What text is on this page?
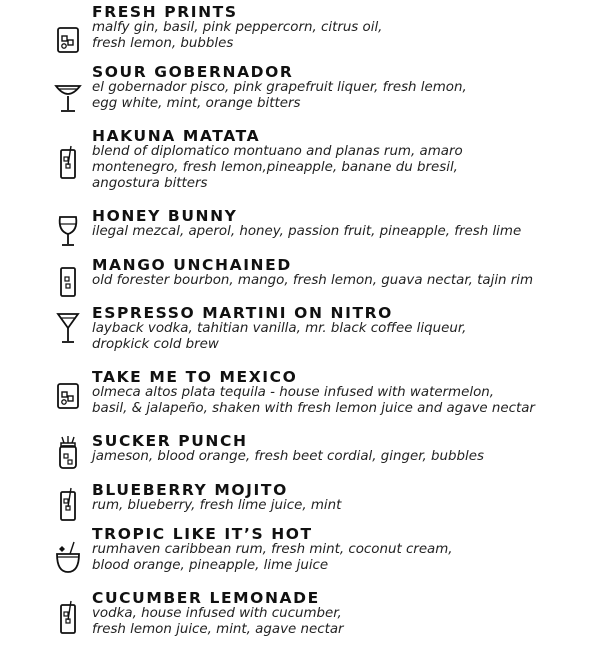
FRESH PRINTS
malfy gin, basil, pink peppercorn, citrus oil,
fresh lemon, bubbles
SOUR GOBERNADOR
el gobernador pisco, pink grapefruit liquer, fresh lemon,
egg white, mint, orange bitters
HAKUNA MATATA
blend of diplomatico montuano and planas rum, amaro
montenegro, fresh lemon,pineapple, banane du bresil,
angostura bitters
HONEY BUNNY
ilegal mezcal, aperol, honey, passion fruit, pineapple, fresh lime
MANGO UNCHAINED
old forester bourbon, mango, fresh lemon, guava nectar, tajin rim
ESPRESSO MARTINI ON NITRO
layback vodka, tahitian vanilla, mr. black coffee liqueur,
dropkick cold brew
TAKE ME TO MEXICO
olmeca altos plata tequila - house infused with watermelon,
basil, & jalapeño, shaken with fresh lemon juice and agave nectar
SUCKER PUNCH
jameson, blood orange, fresh beet cordial, ginger, bubbles
BLUEBERRY MOJITO
rum, blueberry, fresh lime juice, mint
TROPIC LIKE IT’S HOT
rumhaven caribbean rum, fresh mint, coconut cream,
blood orange, pineapple, lime juice
CUCUMBER LEMONADE
vodka, house infused with cucumber,
fresh lemon juice, mint, agave nectar
